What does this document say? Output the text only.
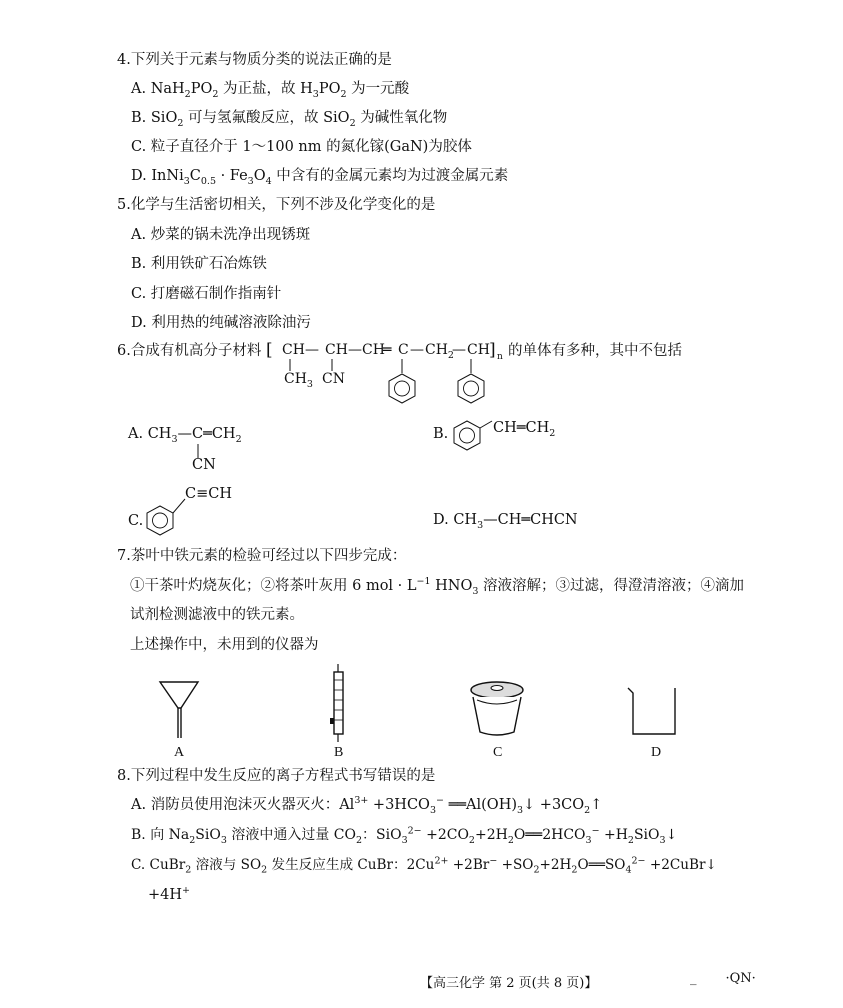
4.下列关于元素与物质分类的说法正确的是
A. $NaH_2PO_2$ 为正盐，故 $H_3PO_2$ 为一元酸
B. SiO$_2$ 可与氢氟酸反应，故 SiO$_2$ 为碱性氧化物
C. 粒子直径介于 1～100 nm 的氮化镓(GaN)为胶体
D. $InNi_3C_{0.5} \cdot Fe_3O_4$ 中含有的金属元素均为过渡金属元素
5.化学与生活密切相关，下列不涉及化学变化的是
A. 炒菜的锅未洗净出现锈斑
B. 利用铁矿石冶炼铁
C. 打磨磁石制作指南针
D. 利用热的纯碱溶液除油污
6.合成有机高分子材料	的单体有多种，其中不包括
[ CH — CH — CH
═ C — $CH_2$
— CH ] n
$CH_3$ CN
A. $CH_3—C═CH_2$
CN
B.	$CH═CH_2$
C≡CH
C.	D. $CH_3—CH═CHCN$
7.茶叶中铁元素的检验可经过以下四步完成：
①干茶叶灼烧灰化；②将茶叶灰用 6 mol · $L^{-1}$ $HNO_3$ 溶液溶解；③过滤，得澄清溶液；④滴加
试剂检测滤液中的铁元素。
上述操作中，未用到的仪器为
A	B	C	D
8.下列过程中发生反应的离子方程式书写错误的是
A. 消防员使用泡沫灭火器灭火：$Al^{3+} +3HCO_3^-$ $══Al(OH)_3↓$ $+3CO_2↑$
B. 向 $Na_2SiO_3$ 溶液中通入过量 $CO_2$：$SiO_3^{2-} +2CO_2+2H_2O══2HCO_3^-$ $+H_2SiO_3↓$
C. CuBr$_2$ 溶液与 $SO_2$ 发生反应生成 CuBr：$2Cu^{2+} +2Br^-$ $+SO_2+2H_2O══SO_4^{2-}$ +2CuBr↓
+4H+
【高三化学 第 2 页(共 8 页)】	_ ·QN·
